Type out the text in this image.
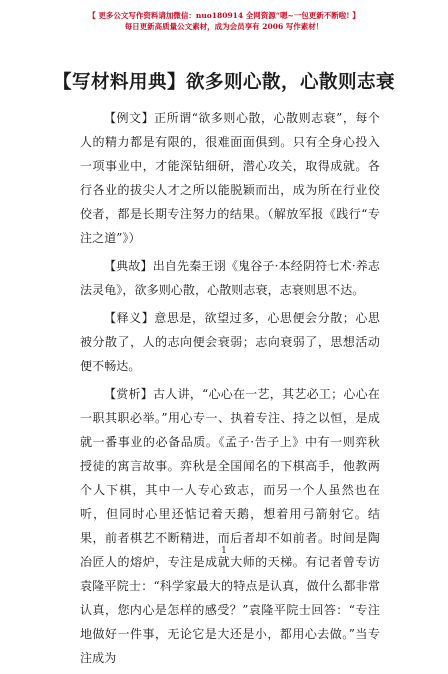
【 更多公文写作资料请加微信：nuo180914 全网资源“嗯~一包更新不断啦! 】
每日更新高质量公文素材，成为会员享有 2006 写作素材！
【写材料用典】欲多则心散，心散则志衰

【例文】正所谓“欲多则心散，心散则志衰”，每个人的精力都是有限的，很难面面俱到。只有全身心投入一项事业中，才能深钻细研，潜心攻关，取得成就。各行各业的拔尖人才之所以能脱颖而出，成为所在行业佼佼者，都是长期专注努力的结果。（解放军报《践行“专注之道”》）

【典故】出自先秦王诩《鬼谷子·本经阴符七术·养志法灵龟》，欲多则心散，心散则志衰，志衰则思不达。

【释义】意思是，欲望过多，心思便会分散；心思被分散了，人的志向便会衰弱；志向衰弱了，思想活动便不畅达。

【赏析】古人讲，“心心在一艺，其艺必工；心心在一职其职必举。”用心专一、执着专注、持之以恒，是成就一番事业的必备品质。《孟子·告子上》中有一则弈秋授徒的寓言故事。弈秋是全国闻名的下棋高手，他教两个人下棋，其中一人专心致志，而另一个人虽然也在听，但同时心里还惦记着天鹅，想着用弓箭射它。结果，前者棋艺不断精进，而后者却不如前者。时间是陶冶匠人的熔炉，专注是成就大师的天梯。有记者曾专访袁隆平院士：“科学家最大的特点是认真，做什么都非常认真，您内心是怎样的感受？”袁隆平院士回答：“专注地做好一件事，无论它是大还是小，都用心去做。”当专注成为

1
